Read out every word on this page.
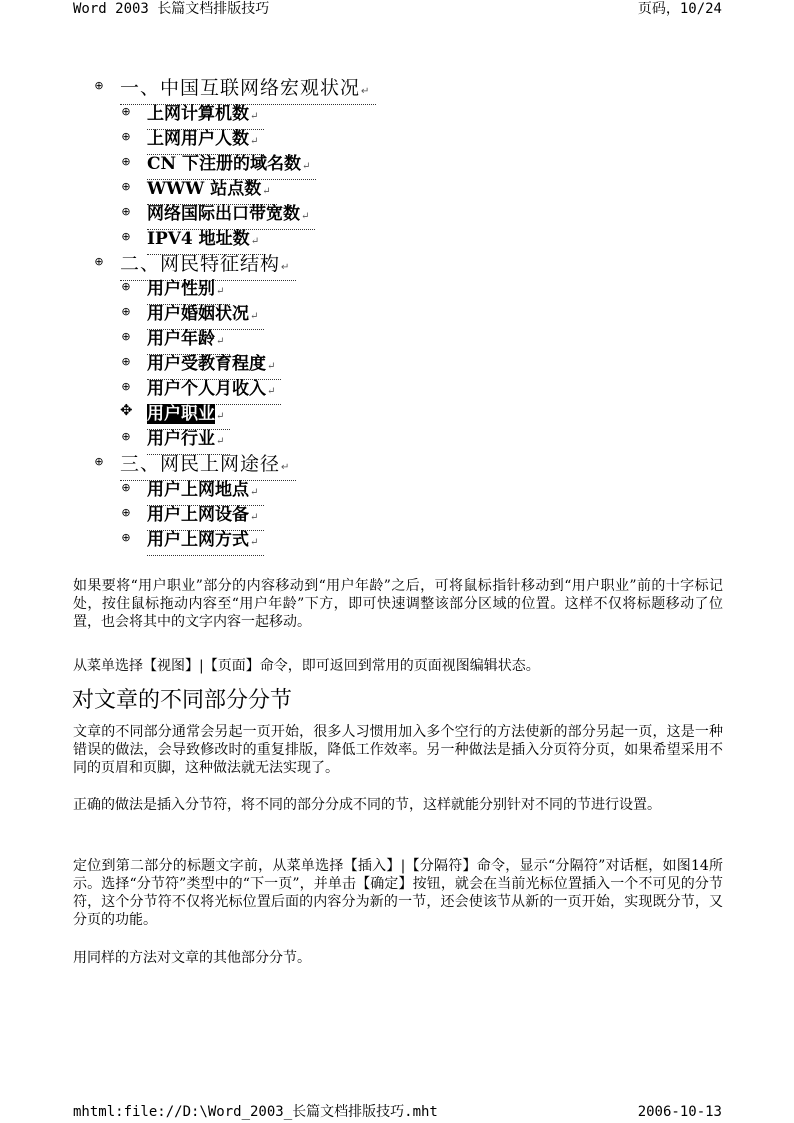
Word 2003 长篇文档排版技巧	页码，10/24
⊕ 一、中国互联网络宏观状况↵
⊕ 上网计算机数↵
⊕ 上网用户人数↵
⊕ CN 下注册的域名数↵
⊕ WWW 站点数↵
⊕ 网络国际出口带宽数↵
⊕ IPV4 地址数↵
⊕ 二、网民特征结构↵
⊕ 用户性别↵
⊕ 用户婚姻状况↵
⊕ 用户年龄↵
⊕ 用户受教育程度↵
⊕ 用户个人月收入↵
✥ 用户职业↵
⊕ 用户行业↵
⊕ 三、网民上网途径↵
⊕ 用户上网地点↵
⊕ 用户上网设备↵
⊕ 用户上网方式↵
如果要将“用户职业”部分的内容移动到“用户年龄”之后，可将鼠标指针移动到“用户职业”前的十字标记处，按住鼠标拖动内容至“用户年龄”下方，即可快速调整该部分区域的位置。这样不仅将标题移动了位置，也会将其中的文字内容一起移动。
从菜单选择【视图】|【页面】命令，即可返回到常用的页面视图编辑状态。
对文章的不同部分分节
文章的不同部分通常会另起一页开始，很多人习惯用加入多个空行的方法使新的部分另起一页，这是一种错误的做法，会导致修改时的重复排版，降低工作效率。另一种做法是插入分页符分页，如果希望采用不同的页眉和页脚，这种做法就无法实现了。
正确的做法是插入分节符，将不同的部分分成不同的节，这样就能分别针对不同的节进行设置。
定位到第二部分的标题文字前，从菜单选择【插入】|【分隔符】命令，显示“分隔符”对话框，如图14所示。选择“分节符”类型中的“下一页”，并单击【确定】按钮，就会在当前光标位置插入一个不可见的分节符，这个分节符不仅将光标位置后面的内容分为新的一节，还会使该节从新的一页开始，实现既分节，又分页的功能。
用同样的方法对文章的其他部分分节。
mhtml:file://D:\Word_2003_长篇文档排版技巧.mht	2006-10-13
